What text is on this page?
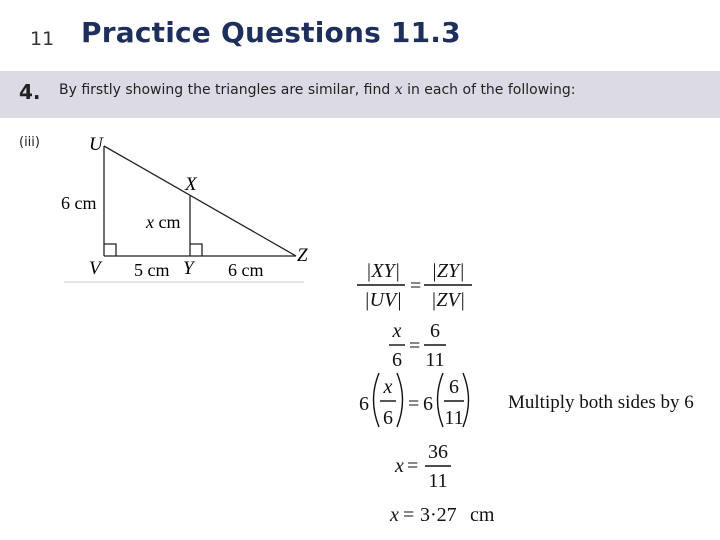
11 Practice Questions 11.3
4. By firstly showing the triangles are similar, find x in each of the following:
(iii)	U
X
V	Y
Z
6 cm
x cm
5 cm	6 cm	|XY|
|UV|
=
|ZY|
|ZV|
x
6
=
6
11
6
x
6
= 6
6
11
Multiply both sides by 6
x =
36
11
x = 3·27 cm
